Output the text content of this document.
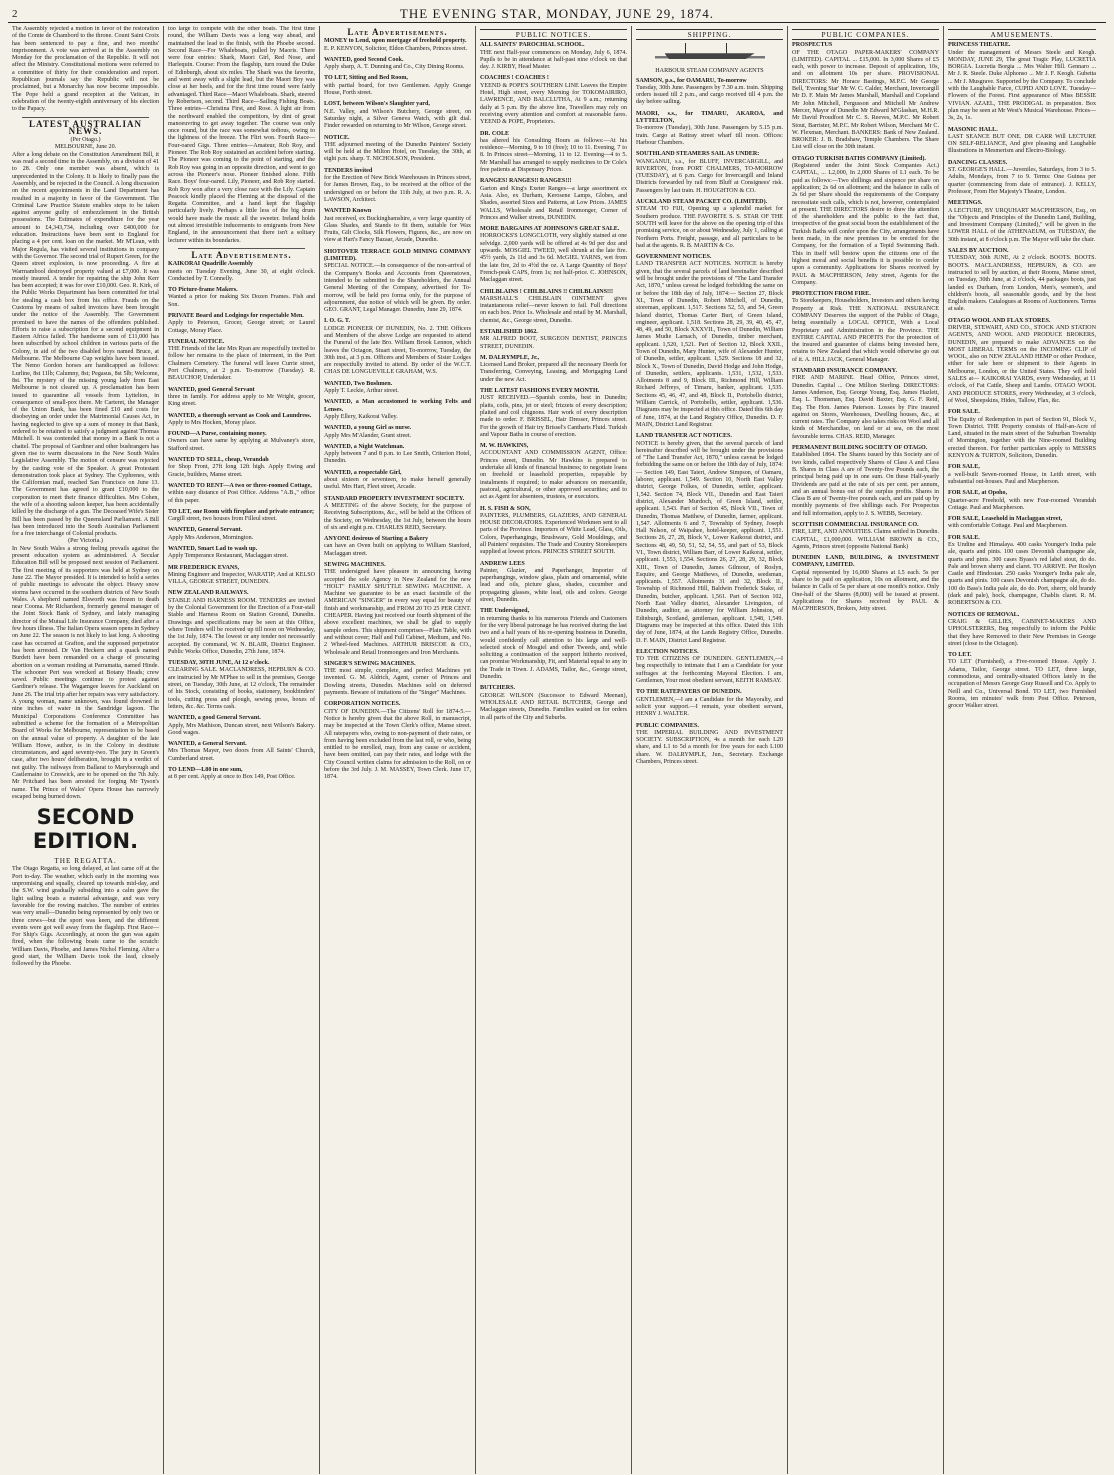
2	THE EVENING STAR, MONDAY, JUNE 29, 1874.
The Assembly rejected a motion in favor of the restoration of the Comte de Chambord to the throne. Count Saint Croix has been sentenced to pay a fine, and two months' imprisonment. A vote was arrived at in the Assembly on Monday for the proclamation of the Republic. It will not affect the Ministry. Constitutional motions were referred to a committee of thirty for their consideration and report. Republican journals say the Republic will not be proclaimed, but a Monarchy has now become impossible. The Pope held a grand reception at the Vatican, in celebration of the twenty-eighth anniversary of his election to the Papacy.
LATEST AUSTRALIAN NEWS.
(Per Otago.)
MELBOURNE, June 20.
After a long debate on the Constitution Amendment Bill, it was read a second time in the Assembly, on a division of 41 to 28. Only one member was absent, which is unprecedented in the Colony. It is likely to finally pass the Assembly, and be rejected in the Council. A long discussion on the recent appointments in the Land Department has resulted in a majority in favor of the Government. The Criminal Law Practice Statute enables steps to be taken against anyone guilty of embezzlement in the British possessions. The Estimates of expenditure for the year amount to £4,343,734, including over £400,000 for education. Instructions have been sent to England for placing a 4 per cent. loan on the market. Mr M'Lean, with Major Regula, has visited several institutions in company with the Governor. The second trial of Rupert Green, for the Queen street explosion, is now proceeding. A fire at Warrnambool destroyed property valued at £7,000. It was mostly insured. A tender for repairing the ship John Kerr has been accepted; it was for over £10,000. Geo. R. Kirk, of the Public Works Department has been committed for trial for stealing a cash box from his office. Frauds on the Customs by means of salted invoices have been brought under the notice of the Assembly. The Government promised to have the names of the offenders published. Efforts to raise a subscription for a second equipment in Eastern Africa failed. The handsome sum of £11,000 has been subscribed by school children in various parts of the Colony, in aid of the two disabled boys named Bruce, at Melbourne. The Melbourne Cup weights have been issued. The Nemo Gordon horses are handicapped as follows: Lurline, 8st 11lb; Calumny, 8st; Pegasus, 8st 5lb; Welcome, 8st. The mystery of the missing young lady from East Melbourne is not cleared up. A proclamation has been issued to quarantine all vessels from Lyttelton, in consequence of small-pox there. Mr Carteret, the Manager of the Union Bank, has been fined £10 and costs for disobeying an order under the Matrimonial Causes Act, in having neglected to give up a sum of money in that Bank, ordered to be retained to satisfy a judgment against Thomas Mitchell. It was contended that money in a Bank is not a chattel. The proposal of Gardiner and other bushrangers has given rise to warm discussions in the New South Wales Legislative Assembly. The motion of censure was rejected by the casting vote of the Speaker. A great Protestant demonstration took place at Sydney. The Cyphrenes, with the Californian mail, reached San Francisco on June 13. The Government has agreed to grant £10,000 to the corporation to meet their finance difficulties. Mrs Cohen, the wife of a shooting saloon keeper, has been accidentally killed by the discharge of a gun. The Deceased Wife's Sister Bill has been passed by the Queensland Parliament. A Bill has been introduced into the South Australian Parliament for a free interchange of Colonial products.
(Per Victoria.)
In New South Wales a strong feeling prevails against the present education system as administered. A Secular Education Bill will be proposed next session of Parliament. The first meeting of its supporters was held at Sydney on June 22. The Mayor presided. It is intended to hold a series of public meetings to advocate the object. Heavy snow storms have occurred in the southern districts of New South Wales. A shepherd named Elsworth was frozen to death near Cooma. Mr Richardson, formerly general manager of the Joint Stock Bank of Sydney, and lately managing director of the Mutual Life Insurance Company, died after a few hours illness. The Italian Opera season opens in Sydney on June 22. The season is not likely to last long. A shooting case has occurred at Grafton, and the supposed perpetrator has been arrested. Dr Van Heckern and a quack named Burdett have been remanded on a charge of procuring abortion on a woman residing at Parramatta, named Hinde. The schooner Peri was wrecked at Botany Heads; crew saved. Public meetings continue to protest against Gardiner's release. The Wagamgee leaves for Auckland on June 26. The trial trip after her repairs was very satisfactory. A young woman, name unknown, was found drowned in nine inches of water in the Sandridge lagoon. The Municipal Corporations Conference Committee has submitted a scheme for the formation of a Metropolitan Board of Works for Melbourne, representation to be based on the annual value of property. A daughter of the late William Howe, author, is in the Colony in destitute circumstances, and aged seventy-two. The jury in Green's case, after two hours' deliberation, brought in a verdict of not guilty. The railways from Ballarat to Maryborough and Castlemaine to Creswick, are to be opened on the 7th July. Mr Pritchard has been arrested for forging Mr Tyson's name. The Prince of Wales' Opera House has narrowly escaped being burned down.
SECOND EDITION.
THE REGATTA.
The Otago Regatta, so long delayed, at last came off at the Port to-day. The weather, which early in the morning was unpromising and squally, cleared up towards mid-day, and the S.W. wind gradually subsiding into a calm gave the light sailing boats a material advantage, and was very favorable for the rowing matches. The number of entries was very small—Dunedin being represented by only two or three crews—but the sport was keen, and the different events were got well away from the flagship. First Race—For Ship's Gigs. Accordingly, at noon the gun was again fired, when the following boats came to the scratch: William Davis, Phoebe, and James Nichol Fleming. After a good start, the William Davis took the lead, closely followed by the Phoebe.
too large to compete with the other boats. The first time round, the William Davis was a long way ahead, and maintained the lead to the finish, with the Phoebe second. Second Race—For Whaleboats, pulled by Maoris. There were four entries: Shark, Maori Girl, Red Nose, and Harlequin. Course: From the flagship, turn round the Duke of Edinburgh, about six miles. The Shark was the favorite, and went away with a slight lead, but the Maori Boy was close at her heels, and for the first time round were fairly advantaged. Third Race—Maori Whaleboats. Shark, steered by Robertson, second. Third Race—Sailing Fishing Boats. Three entries—Christina First, and Rose. A light air from the northward enabled the competitors, by dint of great manoeuvring to get away together. The course was only once round, but the race was somewhat tedious, owing to the lightness of the breeze. The Flirt won. Fourth Race—Four-oared Gigs. Three entries—Amateur, Rob Roy, and Pioneer. The Rob Roy sustained an accident before starting. The Pioneer was coming to the point of starting, and the Rob Roy was going in an opposite direction, and went to go across the Pioneer's nose. Pioneer finished alone. Fifth Race. Boys' four-oared. Lily, Pioneer, and Rob Roy started. Rob Roy won after a very close race with the Lily. Captain Peacock kindly placed the Fleming at the disposal of the Regatta Committee, and a hand kept the flagship particularly lively. Perhaps a little less of the big drum would have made the music all the sweeter. Ireland holds out almost irresistible inducements to emigrants from New England, in the announcement that there isn't a solitary lecturer within its boundaries.
Late Advertisements.
KAIKORAI Quadrille Assembly
meets on Tuesday Evening, June 30, at eight o'clock. Conducted by T. Connelly.
TO Picture-frame Makers.
Wanted a price for making Six Dozen Frames. Fish and Son.
PRIVATE Board and Lodgings for respectable Men.
Apply to Peterson, Grocer, George street; or Laurel Cottage, Moray Place.
FUNERAL NOTICE.
THE Friends of the late Mrs Ryan are respectfully invited to follow her remains to the place of interment, in the Port Chalmers Cemetery. The funeral will leave Currie street, Port Chalmers, at 2 p.m. To-morrow (Tuesday). R. BEAUCHOP, Undertaker.
WANTED, good General Servant
three in family. For address apply to Mr Wright, grocer, King street.
WANTED, a thorough servant as Cook and Laundress.
Apply to Mrs Hocken, Moray place.
FOUND—A Purse, containing money.
Owners can have same by applying at Mulvaney's store, Stafford street.
WANTED TO SELL, cheap, Verandah
for Shop Front, 27ft long 12ft high. Apply Ewing and Gracie, builders, Manse street.
WANTED TO RENT—A two or three-roomed Cottage,
within easy distance of Post Office. Address "A.B.," office of this paper.
TO LET, one Room with fireplace and private entrance;
Cargill street, two houses from Filleul street.
WANTED, General Servant.
Apply Mrs Anderson, Mornington.
WANTED, Smart Lad to wash up.
Apply Temperance Restaurant, Maclaggan street.
MR FREDERICK EVANS,
Mining Engineer and Inspector, WARATIP; And at KELSO VILLA, GEORGE STREET, DUNEDIN.
NEW ZEALAND RAILWAYS.
STABLE AND HARNESS ROOM. TENDERS are invited by the Colonial Government for the Erection of a Four-stall Stable and Harness Room on Station Ground, Dunedin. Drawings and specifications may be seen at this Office, where Tenders will be received up till noon on Wednesday, the 1st July, 1874. The lowest or any tender not necessarily accepted. By command, W. N. BLAIR, District Engineer. Public Works Office, Dunedin, 27th June, 1874.
TUESDAY, 30TH JUNE, At 12 o'clock.
CLEARING SALE. MACLANDRESS, HEPBURN & CO. are instructed by Mr M'Phee to sell in the premises, George street, on Tuesday, 30th June, at 12 o'clock, The remainder of his Stock, consisting of books, stationery, bookbinders' tools, cutting press and plough, sewing press, boxes of letters, &c. &c. Terms cash.
WANTED, a good General Servant.
Apply, Mrs Mathison, Duncan street, next Wilson's Bakery. Good wages.
WANTED, a General Servant.
Mrs Thomas Mayer, two doors from All Saints' Church, Cumberland street.
TO LEND—L80 in one sum,
at 8 per cent. Apply at once to Box 149, Post Office.
Late Advertisements.
MONEY to Lend, upon mortgage of freehold property.
E. P. KENYON, Solicitor, Eldon Chambers, Princes street.
WANTED, good Second Cook.
Apply sharp, A. T. Dunning and Co., City Dining Rooms.
TO LET, Sitting and Bed Room,
with partial board, for two Gentlemen. Apply Grange House, Forth street.
LOST, between Wilson's Slaughter yard,
N.E. Valley, and Wilson's Butchery, George street, on Saturday night, a Silver Geneva Watch, with gilt dial. Finder rewarded on returning to Mr Wilson, George street.
NOTICE.
THE adjourned meeting of the Dunedin Painters' Society will be held at the Milton Hotel, on Tuesday, the 30th, at eight p.m. sharp. T. NICHOLSON, President.
TENDERS invited
for the Erection of New Brick Warehouses in Princes street, for James Brown, Esq., to be received at the office of the undersigned on or before the 11th July, at two p.m. R. A. LAWSON, Architect.
WANTED Known
Just received, ex Buckinghamshire, a very large quantity of Glass Shades, and Stands to fit them, suitable for Wax Fruits, Gilt Clocks, Silk Flowers, Figures, &c., are now on view at Hart's Fancy Bazaar, Arcade, Dunedin.
SHOTOVER TERRACE GOLD MINING COMPANY (LIMITED).
SPECIAL NOTICE.—In consequence of the non-arrival of the Company's Books and Accounts from Queenstown, intended to be submitted to the Shareholders, the Annual General Meeting of the Company, advertised for To-morrow, will be held pro forma only, for the purpose of adjournment, due notice of which will be given. By order. GEO. GRANT, Legal Manager. Dunedin, June 29, 1874.
I. O. G. T.
LODGE PIONEER OF DUNEDIN, No. 2. THE Officers and Members of the above Lodge are requested to attend the Funeral of the late Bro. William Brook Lennon, which leaves the Octagon, Stuart street, To-morrow, Tuesday, the 30th inst., at 3 p.m. Officers and Members of Sister Lodges are respectfully invited to attend. By order of the W.C.T. CHAS DE LONGUEVILLE GRAHAM, W.S.
WANTED, Two Bushmen.
Apply T. Leckie, Arthur street.
WANTED, a Man accustomed to working Felts and Lenses.
Apply Ellery, Kaikorai Valley.
WANTED, a young Girl as nurse.
Apply Mrs M'Alander, Grant street.
WANTED, a Night Watchman.
Apply between 7 and 8 p.m. to Lee Smith, Criterion Hotel, Dunedin.
WANTED, a respectable Girl,
about sixteen or seventeen, to make herself generally useful. Mrs Hart, Fleet street, Arcade.
STANDARD PROPERTY INVESTMENT SOCIETY.
A MEETING of the above Society, for the purpose of Receiving Subscriptions, &c., will be held at the Offices of the Society, on Wednesday, the 1st July, between the hours of six and eight p.m. CHARLES REID, Secretary.
ANYONE desirous of Starting a Bakery
can have an Oven built on applying to William Stanford, Maclaggan street.
SEWING MACHINES.
THE undersigned have pleasure in announcing having accepted the sole Agency in New Zealand for the new "HOLT" FAMILY SHUTTLE SEWING MACHINE. A Machine we guarantee to be an exact facsimile of the AMERICAN "SINGER" in every way equal for beauty of finish and workmanship, and FROM 20 TO 25 PER CENT. CHEAPER. Having just received our fourth shipment of the above excellent machines, we shall be glad to supply sample orders. This shipment comprises—Plain Table, with and without cover; Half and Full Cabinet, Medium, and No. 2 Wheel-feed Machines. ARTHUR BRISCOE & CO., Wholesale and Retail Ironmongers and Iron Merchants.
SINGER'S SEWING MACHINES.
THE most simple, complete, and perfect Machines yet invented. G. M. Aldrich, Agent, corner of Princes and Dowling streets, Dunedin. Machines sold on deferred payments. Beware of imitations of the "Singer" Machines.
CORPORATION NOTICES.
CITY OF DUNEDIN.—The Citizens' Roll for 1874-5.—Notice is hereby given that the above Roll, in manuscript, may be inspected at the Town Clerk's office, Manse street. All ratepayers who, owing to non-payment of their rates, or from having been excluded from the last roll, or who, being entitled to be enrolled, may, from any cause or accident, have been omitted, can pay their rates, and lodge with the City Council written claims for admission to the Roll, on or before the 3rd July. J. M. MASSEY, Town Clerk. June 17, 1874.
PUBLIC NOTICES.
ALL SAINTS' PAROCHIAL SCHOOL.
THE next Half-year commences on Monday, July 6, 1874. Pupils to be in attendance at half-past nine o'clock on that day. J. KIRBY, Head Master.
COACHES ! COACHES !
YEEND & POPE'S SOUTHERN LINE Leaves the Empire Hotel, High street, every Morning for TOKOMAIRIRO, LAWRENCE, AND BALCLUTHA, At 9 a.m.; returning daily at 5 p.m. By the above line, Travellers may rely on receiving every attention and comfort at reasonable fares. YEEND & POPE, Proprietors.
DR. COLE
has altered his Consulting Hours as follows:—At his residence—Morning, 9 to 10 (free); 10 to 11. Evening, 7 to 8. In Princes street—Morning, 11 to 12. Evening—4 to 5. Mr Marshall has arranged to supply medicines to Dr Cole's free patients at Dispensary Prices.
RANGES! RANGES!! RANGES!!!
Garton and King's Exeter Ranges—a large assortment ex Asia. Also, ex Durham, Kerosene Lamps, Globes, and Shades, assorted Sizes and Patterns, at Low Prices. JAMES WALLS, Wholesale and Retail Ironmonger, Corner of Princes and Walker streets, DUNEDIN.
MORE BARGAINS AT JOHNSON'S GREAT SALE.
HORROCKS'S LONGCLOTH, very slightly stained at one selvidge. 2,000 yards will be offered at 4s 9d per doz and upwards. MOSGIEL TWEED, well shrunk at the late fire. 45½ yards, 2s 11d and 3s 6d. McGIEL YARNS, wet from the late fire, 2d to 4½d the oz. A Large Quantity of Boys' French-peak CAPS, from 1s; not half-price. C. JOHNSON, Maclaggan street.
CHILBLAINS ! CHILBLAINS !! CHILBLAINS!!!
MARSHALL'S CHILBLAIN OINTMENT gives instantaneous relief—never known to fail. Full directions on each box. Price 1s. Wholesale and retail by M. Marshall, chemist, &c., George street, Dunedin.
ESTABLISHED 1862.
MR ALFRED BOOT, SURGEON DENTIST, PRINCES STREET, DUNEDIN.
M. DALRYMPLE, Jr.,
Licensed Land Broker, prepared all the necessary Deeds for Transferring, Conveying, Leasing, and Mortgaging Land under the new Act.
THE LATEST FASHIONS EVERY MONTH.
JUST RECEIVED.—Spanish combs, best in Dunedin; plaits, coils, pins, jet or steel; frizzets of every description; plaited and coil chignons. Hair work of every description made to order. F. BRISSEL, Hair Dresser, Princes street. For the growth of Hair try Brissel's Cantharis Fluid. Turkish and Vapour Baths in course of erection.
M. W. HAWKINS,
ACCOUNTANT AND COMMISSION AGENT, Office: Princes street, Dunedin. Mr Hawkins is prepared to undertake all kinds of financial business; to negotiate loans on freehold or leasehold properties, repayable by instalments if required; to make advances on mercantile, pastoral, agricultural, or other approved securities; and to act as Agent for absentees, trustees, or executors.
H. S. FISH & SON,
PAINTERS, PLUMBERS, GLAZIERS, AND GENERAL HOUSE DECORATORS. Experienced Workmen sent to all parts of the Province. Importers of White Lead, Glass, Oils, Colors, Paperhangings, Brushware, Gold Mouldings, and all Painters' requisites. The Trade and Country Storekeepers supplied at lowest prices. PRINCES STREET SOUTH.
ANDREW LEES
Painter, Glazier, and Paperhanger, Importer of paperhangings, window glass, plain and ornamental, white lead and oils, picture glass, shades, cucumber and propagating glasses, white lead, oils and colors. George street, Dunedin.
THE Undersigned,
in returning thanks to his numerous Friends and Customers for the very liberal patronage he has received during the last two and a half years of his re-opening business in Dunedin, would confidently call attention to his large and well-selected stock of Mosgiel and other Tweeds, and, while soliciting a continuation of the support hitherto received, can promise Workmanship, Fit, and Material equal to any in the Trade in Town. J. ADAMS, Tailor, &c., George street, Dunedin.
BUTCHERS.
GEORGE WILSON (Successor to Edward Meenan), WHOLESALE AND RETAIL BUTCHER, George and Maclaggan streets, Dunedin. Families waited on for orders in all parts of the City and Suburbs.
SHIPPING.
HARBOUR STEAM COMPANY AGENTS
SAMSON, p.s., for OAMARU, To-morrow
Tuesday, 30th June. Passengers by 7.30 a.m. train. Shipping orders issued till 2 p.m., and cargo received till 4 p.m. the day before sailing.
MAORI, s.s., for TIMARU, AKAROA, and LYTTELTON,
To-morrow (Tuesday), 30th June. Passengers by 5.15 p.m. train. Cargo at Rattray street wharf till noon. Offices: Harbour Chambers.
SOUTHLAND STEAMERS SAIL AS UNDER:
WANGANUI, s.s., for BLUFF, INVERCARGILL, and RIVERTON, from PORT CHALMERS, TO-MORROW (TUESDAY), at 6 p.m. Cargo for Invercargill and Inland Districts forwarded by rail from Bluff at Consignees' risk. Passengers by last train. H. HOUGHTON & CO.
AUCKLAND STEAM PACKET CO. (LIMITED).
STEAM TO FIJI, Opening up a splendid market for Southern produce. THE FAVORITE S. S. STAR OF THE SOUTH will leave for the above on the opening trip of this promising service, on or about Wednesday, July 1, calling at Northern Ports. Freight, passage, and all particulars to be had at the agents. R. B. MARTIN & Co.
GOVERNMENT NOTICES.
LAND TRANSFER ACT NOTICES. NOTICE is hereby given, that the several parcels of land hereinafter described will be brought under the provisions of "The Land Transfer Act, 1870," unless caveat be lodged forbidding the same on or before the 18th day of July, 1874:— Section 27, Block XI., Town of Dunedin, Robert Mitchell, of Dunedin, storeman, applicant. 1,517. Sections 52, 53, and 54, Green Island district, Thomas Carter Burt, of Green Island, engineer, applicant. 1,518. Sections 28, 29, 39, 40, 45, 47, 48, 49, and 50, Block XXXVII., Town of Dunedin, William James Mudie Larnach, of Dunedin, timber merchant, applicant. 1,520, 1,521. Part of Section 12, Block XXII., Town of Dunedin, Mary Hunter, wife of Alexander Hunter, of Dunedin, settler, applicant. 1,529. Sections 18 and 32, Block X., Town of Dunedin, David Hodge and John Hodge, of Dunedin, settlers, applicants. 1,531, 1,532, 1,533. Allotments 8 and 9, Block III., Richmond Hill, William Richard Jeffreys, of Timaru, banker, applicant. 1,535. Sections 45, 46, 47, and 48, Block II., Portobello district, William Carrick, of Portobello, settler, applicant. 1,536. Diagrams may be inspected at this office. Dated this 6th day of June, 1874, at the Land Registry Office, Dunedin. D. F. MAIN, District Land Registrar.
LAND TRANSFER ACT NOTICES.
NOTICE is hereby given, that the several parcels of land hereinafter described will be brought under the provisions of "The Land Transfer Act, 1870," unless caveat be lodged forbidding the same on or before the 18th day of July, 1874:— Section 149, East Taieri, Andrew Simpson, of Oamaru, laborer, applicant. 1,549. Section 10, North East Valley district, George Folkes, of Dunedin, settler, applicant. 1,542. Section 74, Block VII., Dunedin and East Taieri district, Alexander Murdoch, of Green Island, settler, applicant. 1,543. Part of Section 45, Block VII., Town of Dunedin, Thomas Matthew, of Dunedin, farmer, applicant. 1,547. Allotments 6 and 7, Township of Sydney, Joseph Hall Nelson, of Waipahee, hotel-keeper, applicant. 1,551. Sections 26, 27, 28, Block V., Lower Kaikorai district, and Sections 48, 49, 50, 51, 52, 54, 55, and part of 53, Block VI., Town district, William Barr, of Lower Kaikorai, settler, applicant. 1,553, 1,554. Sections 26, 27, 28, 29, 32, Block XIII., Town of Dunedin, James Gilmour, of Roslyn, Esquire, and George Matthews, of Dunedin, seedsman, applicants. 1,557. Allotments 31 and 32, Block II., Township of Richmond Hill, Baldwin Frederick Stake, of Dunedin, butcher, applicant. 1,561. Part of Section 102, North East Valley district, Alexander Livingston, of Dunedin, auditor, as attorney for William Johnston, of Edinburgh, Scotland, gentleman, applicant. 1,548, 1,549. Diagrams may be inspected at this office. Dated this 11th day of June, 1874, at the Lands Registry Office, Dunedin. D. F. MAIN, District Land Registrar.
ELECTION NOTICES.
TO THE CITIZENS OF DUNEDIN. GENTLEMEN,—I beg respectfully to intimate that I am a Candidate for your suffrages at the forthcoming Mayoral Election. I am, Gentlemen, Your most obedient servant, KEITH RAMSAY.
TO THE RATEPAYERS OF DUNEDIN.
GENTLEMEN,—I am a Candidate for the Mayoralty, and solicit your support.—I remain, your obedient servant, HENRY J. WALTER.
PUBLIC COMPANIES.
THE IMPERIAL BUILDING AND INVESTMENT SOCIETY. SUBSCRIPTION, 4s a month for each L20 share, and L1 to 5d a month for five years for each L100 share. W. DALRYMPLE, Jun., Secretary. Exchange Chambers, Princes street.
PUBLIC COMPANIES.
PROSPECTUS
OF THE OTAGO PAPER-MAKERS' COMPANY (LIMITED). CAPITAL ... £15,000. In 3,000 Shares of £5 each, with power to increase. Deposit of application, 10s, and on allotment 10s per share. PROVISIONAL DIRECTORS: Mr Horace Bastings, M.P.C. Mr George Bell, 'Evening Star' Mr W. C. Calder, Merchant, Invercargill Mr D. F. Main Mr James Marshall, Marshall and Copeland Mr John Mitchell, Fergusson and Mitchell Mr Andrew Mercer, Mayor of Dunedin Mr Edward M'Glashan, M.H.R. Mr David Proudfoot Mr C. S. Reeves, M.P.C. Mr Robert Stout, Barrister, M.P.C. Mr Robert Wilson, Merchant Mr C. W. Flexman, Merchant. BANKERS: Bank of New Zealand. BROKER: J. B. Bradshaw, Temple Chambers. The Share List will close on the 30th instant.
OTAGO TURKISH BATHS COMPANY (Limited).
(Registered under the Joint Stock Companies Act.) CAPITAL, ... L2,000, In 2,000 Shares of L1 each. To be paid as follows:—Two shillings and sixpence per share on application; 2s 6d on allotment; and the balance in calls of 2s 6d per Share should the requirements of the Company necessitate such calls, which is not, however, contemplated at present. THE DIRECTORS desire to draw the attention of the shareholders and the public to the fact that, irrespective of the great social boon the establishment of the Turkish Baths will confer upon the City, arrangements have been made, in the new premises to be erected for the Company, for the formation of a Tepid Swimming Bath. This in itself will bestow upon the citizens one of the highest moral and social benefits it is possible to confer upon a community. Applications for Shares received by PAUL & MACPHERSON, Jetty street, Agents for the Company.
PROTECTION FROM FIRE.
To Storekeepers, Householders, Investors and others having Property at Risk. THE NATIONAL INSURANCE COMPANY Deserves the support of the Public of Otago, being essentially a LOCAL OFFICE, With a Local Proprietary and Administration in the Province. THE ENTIRE CAPITAL AND PROFITS For the protection of the insured and guarantee of claims being invested here, retains to New Zealand that which would otherwise go out of it. A. HILL JACK, General Manager.
STANDARD INSURANCE COMPANY.
FIRE AND MARINE. Head Office, Princes street, Dunedin. Capital ... One Million Sterling. DIRECTORS: James Anderson, Esq. George Young, Esq. James Hazlett, Esq. L. Thomsman, Esq. David Baxter, Esq. G. F. Reid, Esq. The Hon. James Paterson. Losses by Fire insured against on Stores, Warehouses, Dwelling houses, &c., at current rates. The Company also takes risks on Wool and all kinds of Merchandise, on land or at sea, on the most favourable terms. CHAS. REID, Manager.
PERMANENT BUILDING SOCIETY OF OTAGO.
Established 1864. The Shares issued by this Society are of two kinds, called respectively Shares of Class A and Class B. Shares in Class A are of Twenty-five Pounds each, the principal being paid up in one sum. On these Half-yearly Dividends are paid at the rate of six per cent. per annum, and an annual bonus out of the surplus profits. Shares in Class B are of Twenty-five pounds each, and are paid up by monthly payments of five shillings each. For Prospectus and full information, apply to J. S. WEBB, Secretary.
SCOTTISH COMMERCIAL INSURANCE CO.
FIRE, LIFE, AND ANNUITIES. Claims settled in Dunedin. CAPITAL, £1,000,000. WILLIAM BROWN & CO., Agents, Princes street (opposite National Bank)
DUNEDIN LAND, BUILDING, & INVESTMENT COMPANY, LIMITED.
Capital represented by 16,000 Shares at L5 each. 5s per share to be paid on application, 10s on allotment, and the balance in Calls of 5s per share at one month's notice. Only One-half of the Shares (8,000) will be issued at present. Applications for Shares received by PAUL & MACPHERSON, Brokers, Jetty street.
AMUSEMENTS.
PRINCESS THEATRE.
Under the management of Messrs Steele and Keogh. MONDAY, JUNE 29, The great Tragic Play, LUCRETIA BORGIA. Lucretia Borgia ... Mrs Walter Hill. Gennaro ... Mr J. R. Steele. Duke Alphonso ... Mr J. F. Keogh. Gubetta ... Mr J. Musgrave. Supported by the Company. To conclude with the Laughable Farce, CUPID AND LOVE. Tuesday—Flowers of the Forest. First appearance of Miss BESSIE VIVIAN. AZAEL, THE PRODIGAL in preparation. Box plan may be seen at Mr West's Musical Warehouse. Prices—3s, 2s, 1s.
MASONIC HALL.
LAST SEANCE BUT ONE. DR CARR Will LECTURE ON SELF-RELIANCE, And give pleasing and Laughable Illustrations in Mesmerism and Electro-Biology.
DANCING CLASSES.
ST. GEORGE'S HALL.—Juveniles, Saturdays, from 3 to 5. Adults, Mondays, from 7 to 9. Terms: One Guinea per quarter (commencing from date of entrance). J. KELLY, Professor, From Her Majesty's Theatre, London.
MEETINGS.
A LECTURE, BY URQUHART MACPHERSON, Esq., on the "Objects and Principles of the Dunedin Land, Building, and Investment Company (Limited)," will be given in the LOWER HALL of the ATHENAEUM, on TUESDAY, the 30th instant, at 8 o'clock p.m. The Mayor will take the chair.
SALES BY AUCTION.
TUESDAY, 30th JUNE, At 2 o'clock. BOOTS. BOOTS. BOOTS. MACLANDRESS, HEPBURN, & CO. are instructed to sell by auction, at their Rooms, Manse street, on Tuesday, 30th June, at 2 o'clock, 44 packages boots, just landed ex Durham, from London, Men's, women's, and children's boots, all seasonable goods, and by the best English makers. Catalogues at Rooms of Auctioneers. Terms at sale.
OTAGO WOOL AND FLAX STORES.
DRIVER, STEWART, AND CO., STOCK AND STATION AGENTS, AND WOOL AND PRODUCE BROKERS, DUNEDIN, are prepared to make ADVANCES on the MOST LIBERAL TERMS on the INCOMING CLIP of WOOL, also on NEW ZEALAND HEMP or other Produce, either for sale here or shipment to their Agents in Melbourne, London, or the United States. They will hold SALES at— KAIKORAI YARDS, every Wednesday, at 11 o'clock, of Fat Cattle, Sheep and Lambs. OTAGO WOOL AND PRODUCE STORES, every Wednesday, at 3 o'clock, of Wool, Sheepskins, Hides, Tallow, Flax, &c.
FOR SALE.
The Equity of Redemption in part of Section 91, Block V., Town District. THE Property consists of Half-an-Acre of Land, situated in the main street of the Suburban Township of Mornington, together with the Nine-roomed Building erected thereon. For further particulars apply to MESSRS KENYON & TURTON, Solicitors, Dunedin.
FOR SALE,
a well-built Seven-roomed House, in Leith street, with substantial out-houses. Paul and Macpherson.
FOR SALE, at Opoho,
Quarter-acre Freehold, with new Four-roomed Verandah Cottage. Paul and Macpherson.
FOR SALE, Leasehold in Maclaggan street,
with comfortable Cottage. Paul and Macpherson.
FOR SALE.
Ex Undine and Himalaya. 400 casks Younger's India pale ale, quarts and pints. 100 cases Devonish champagne ale, quarts and pints. 300 cases Byass's red label stout, do do. Pale and brown sherry and claret. TO ARRIVE. Per Roslyn Castle and Hindostan. 250 casks Younger's India pale ale, quarts and pints. 100 cases Devonish champagne ale, do do. 100 do Bass's India pale ale, do do. Port, sherry, old brandy (dark and pale), hock, champagne, Chablis claret. R. M. ROBERTSON & CO.
NOTICES OF REMOVAL.
CRAIG & GILLIES, CABINET-MAKERS AND UPHOLSTERERS, Beg respectfully to inform the Public that they have Removed to their New Premises in George street (close to the Octagon).
TO LET.
TO LET (Furnished), a Five-roomed House. Apply J. Adams, Tailor, George street. TO LET, three large, commodious, and centrally-situated Offices lately in the occupation of Messrs George Gray Russell and Co. Apply to Neill and Co., Universal Bond. TO LET, two Furnished Rooms, ten minutes' walk from Post Office. Peterson, grocer Walker street.
